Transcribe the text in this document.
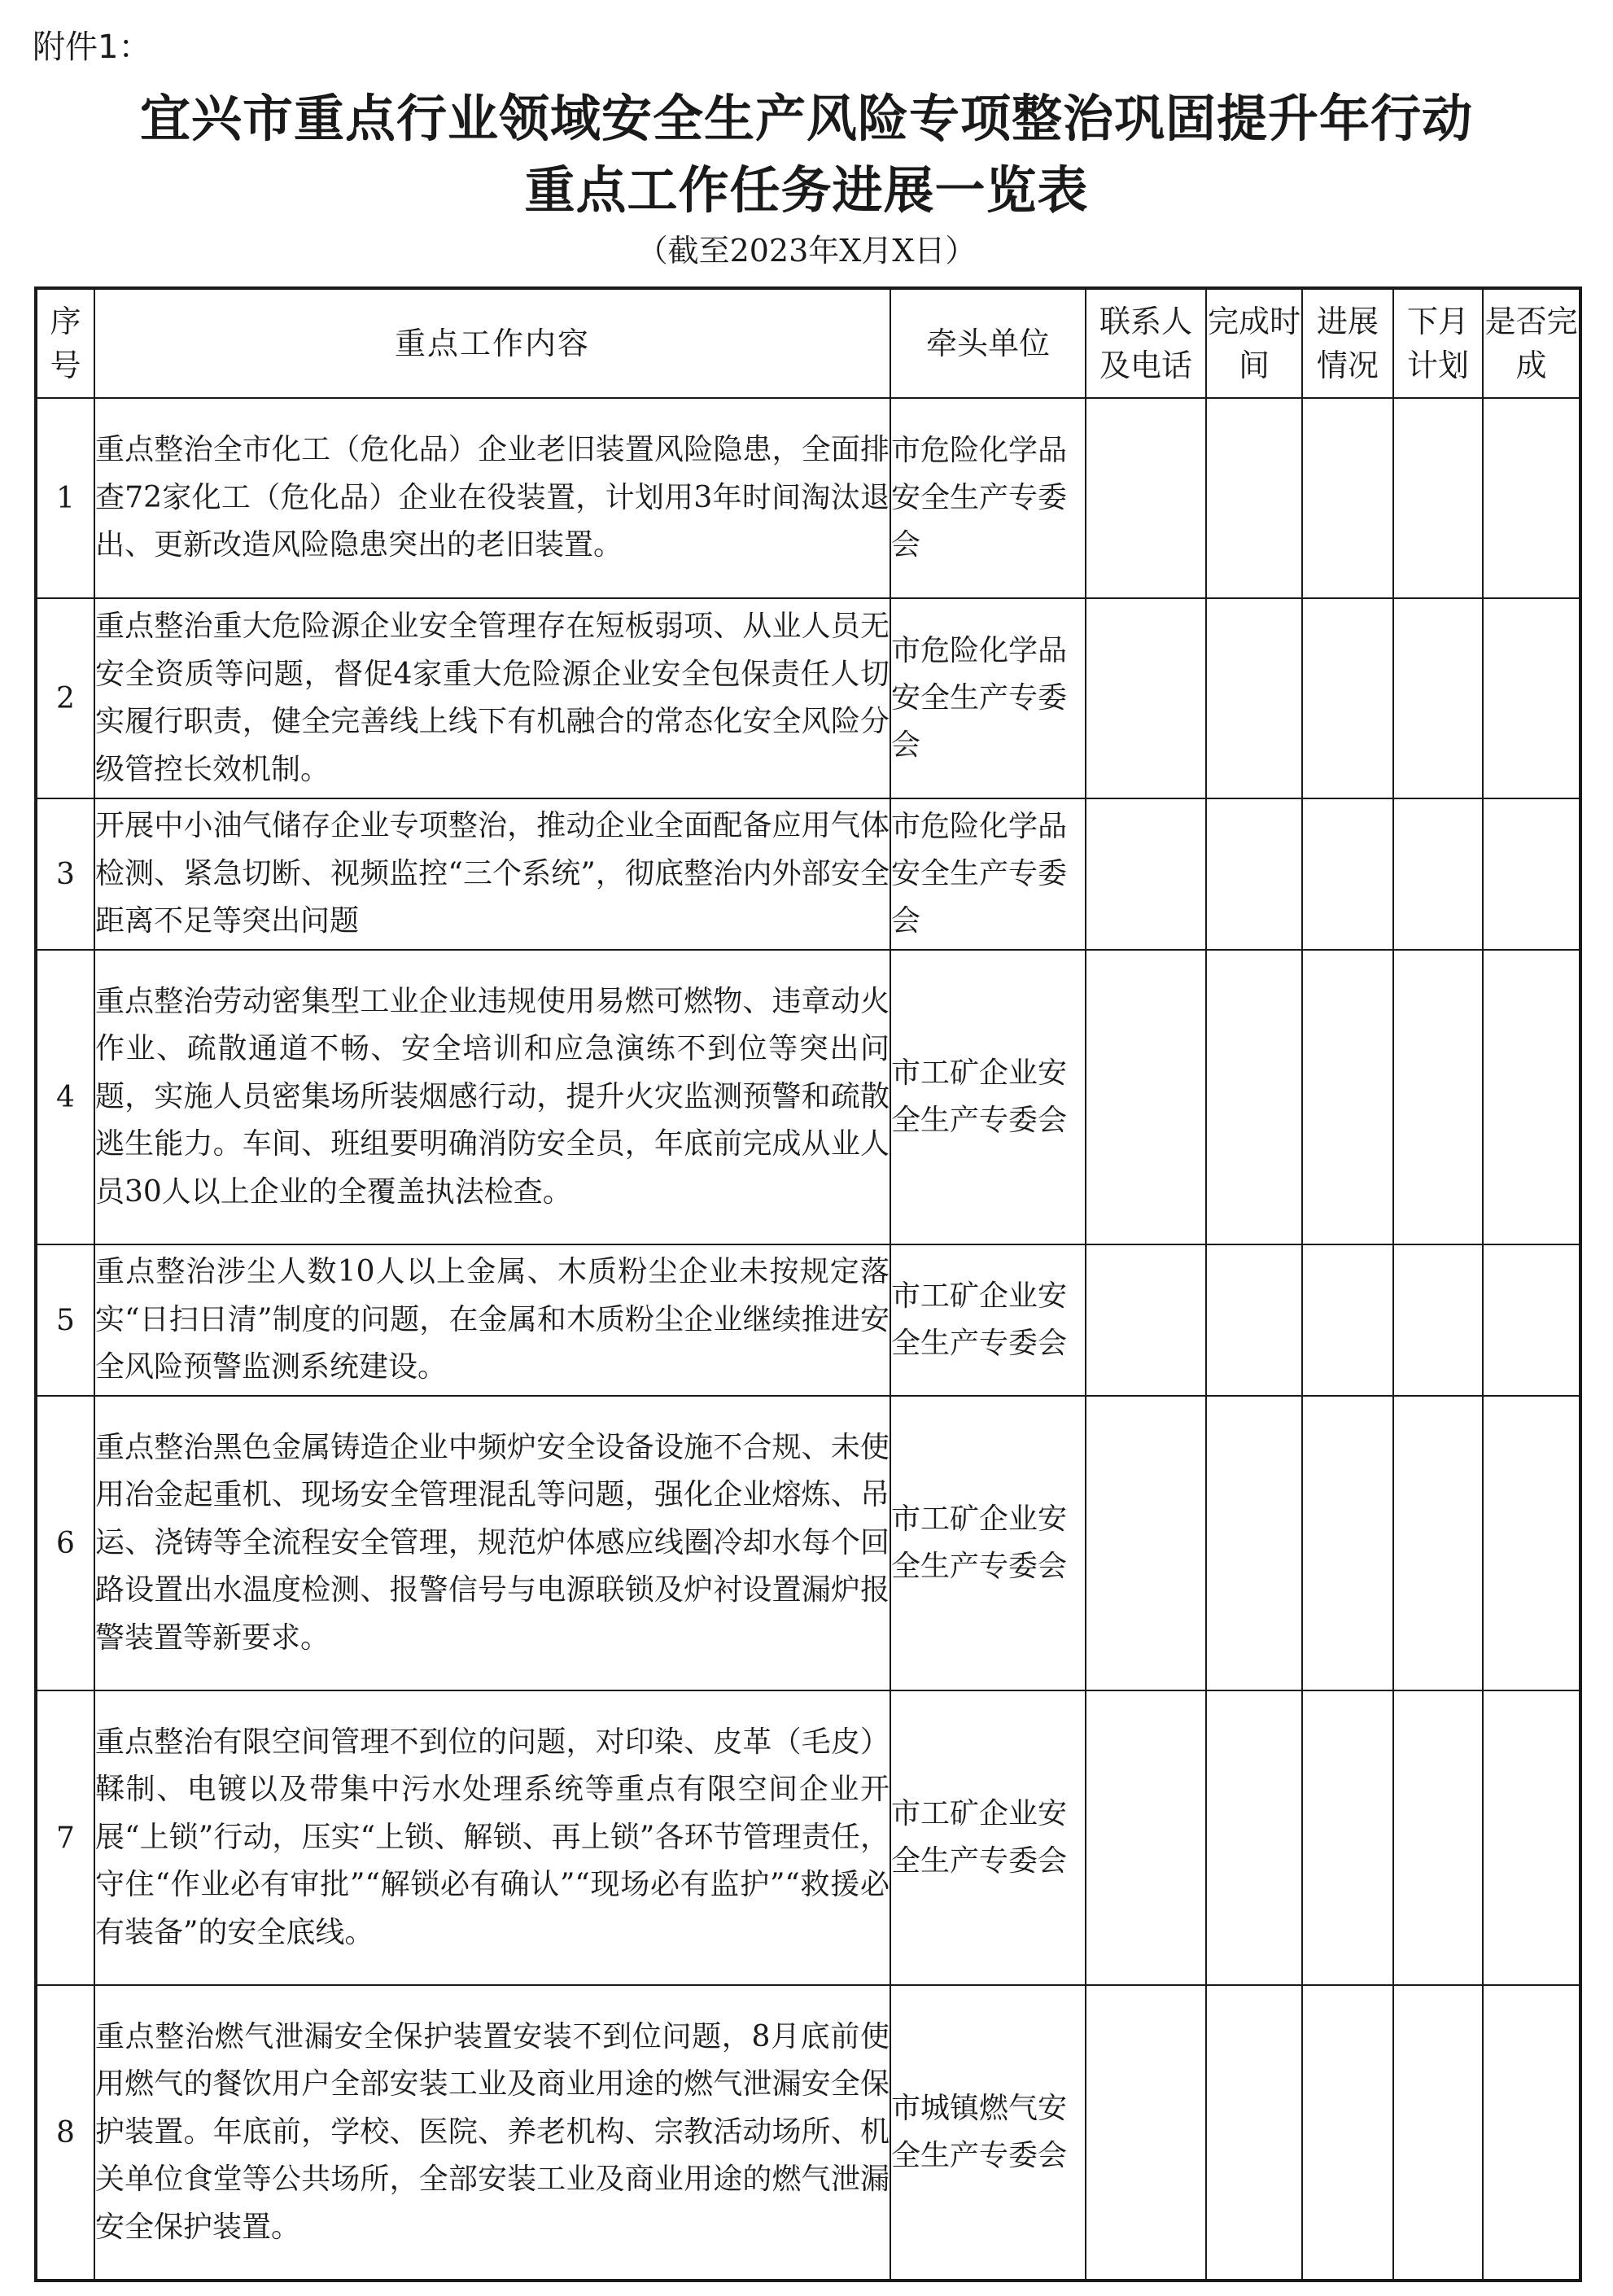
附件1：
宜兴市重点行业领域安全生产风险专项整治巩固提升年行动
重点工作任务进展一览表
（截至2023年X月X日）
序号	重点工作内容	牵头单位	联系人及电话	完成时间	进展情况	下月计划	是否完成
1	重点整治全市化工（危化品）企业老旧装置风险隐患，全面排查72家化工（危化品）企业在役装置，计划用3年时间淘汰退出、更新改造风险隐患突出的老旧装置。	市危险化学品安全生产专委会					
2	重点整治重大危险源企业安全管理存在短板弱项、从业人员无安全资质等问题，督促4家重大危险源企业安全包保责任人切实履行职责，健全完善线上线下有机融合的常态化安全风险分级管控长效机制。	市危险化学品安全生产专委会					
3	开展中小油气储存企业专项整治，推动企业全面配备应用气体检测、紧急切断、视频监控“三个系统”，彻底整治内外部安全距离不足等突出问题	市危险化学品安全生产专委会					
4	重点整治劳动密集型工业企业违规使用易燃可燃物、违章动火作业、疏散通道不畅、安全培训和应急演练不到位等突出问题，实施人员密集场所装烟感行动，提升火灾监测预警和疏散逃生能力。车间、班组要明确消防安全员，年底前完成从业人员30人以上企业的全覆盖执法检查。	市工矿企业安全生产专委会					
5	重点整治涉尘人数10人以上金属、木质粉尘企业未按规定落实“日扫日清”制度的问题，在金属和木质粉尘企业继续推进安全风险预警监测系统建设。	市工矿企业安全生产专委会					
6	重点整治黑色金属铸造企业中频炉安全设备设施不合规、未使用冶金起重机、现场安全管理混乱等问题，强化企业熔炼、吊运、浇铸等全流程安全管理，规范炉体感应线圈冷却水每个回路设置出水温度检测、报警信号与电源联锁及炉衬设置漏炉报警装置等新要求。	市工矿企业安全生产专委会					
7	重点整治有限空间管理不到位的问题，对印染、皮革（毛皮）鞣制、电镀以及带集中污水处理系统等重点有限空间企业开展“上锁”行动，压实“上锁、解锁、再上锁”各环节管理责任，守住“作业必有审批”“解锁必有确认”“现场必有监护”“救援必有装备”的安全底线。	市工矿企业安全生产专委会					
8	重点整治燃气泄漏安全保护装置安装不到位问题，8月底前使用燃气的餐饮用户全部安装工业及商业用途的燃气泄漏安全保护装置。年底前，学校、医院、养老机构、宗教活动场所、机关单位食堂等公共场所，全部安装工业及商业用途的燃气泄漏安全保护装置。	市城镇燃气安全生产专委会					
